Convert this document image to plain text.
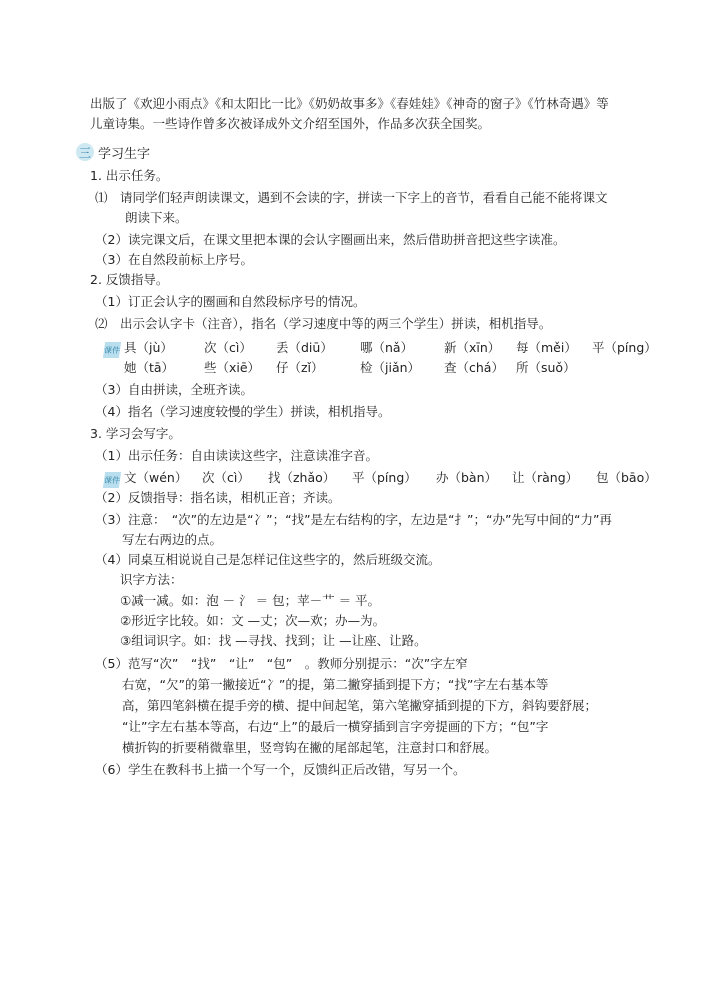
出版了《欢迎小雨点》《和太阳比一比》《奶奶故事多》《春娃娃》《神奇的窗子》《竹林奇遇》等
儿童诗集。一些诗作曾多次被译成外文介绍至国外，作品多次获全国奖。
三 学习生字
1. 出示任务。
⑴　请同学们轻声朗读课文，遇到不会读的字，拼读一下字上的音节，看看自己能不能将课文
朗读下来。
（2）读完课文后，在课文里把本课的会认字圈画出来，然后借助拼音把这些字读准。
（3）在自然段前标上序号。
2. 反馈指导。
（1）订正会认字的圈画和自然段标序号的情况。
⑵　出示会认字卡（注音），指名（学习速度中等的两三个学生）拼读，相机指导。
课件 具（jù） 次（cì） 丢（diū） 哪（nǎ） 新（xīn） 每（měi） 平（píng）
她（tā） 些（xiē） 仔（zǐ）	检（jiǎn） 查（chá） 所（suǒ）
（3）自由拼读，全班齐读。
（4）指名（学习速度较慢的学生）拼读，相机指导。
3. 学习会写字。
（1）出示任务：自由读读这些字，注意读准字音。
课件 文（wén） 次（cì） 找（zhǎo） 平（píng） 办（bàn） 让（ràng） 包（bāo）
（2）反馈指导：指名读，相机正音；齐读。
（3）注意：　“次”的左边是“冫”；“找”是左右结构的字，左边是“扌”；“办”先写中间的“力”再
写左右两边的点。
（4）同桌互相说说自己是怎样记住这些字的，然后班级交流。
识字方法：
①减一减。如：泡 － 氵 ＝ 包；苹－艹 ＝ 平。
②形近字比较。如：文 —丈；次—欢；办—为。
③组词识字。如：找 —寻找、找到；让 —让座、让路。
（5）范写“次”　“找”　“让”　“包”　。教师分别提示：“次”字左窄
右宽，“欠”的第一撇接近“冫”的提，第二撇穿插到提下方；“找”字左右基本等
高，第四笔斜横在提手旁的横、提中间起笔，第六笔撇穿插到提的下方，斜钩要舒展；
“让”字左右基本等高，右边“上”的最后一横穿插到言字旁提画的下方；“包”字
横折钩的折要稍微靠里，竖弯钩在撇的尾部起笔，注意封口和舒展。
（6）学生在教科书上描一个写一个，反馈纠正后改错，写另一个。
